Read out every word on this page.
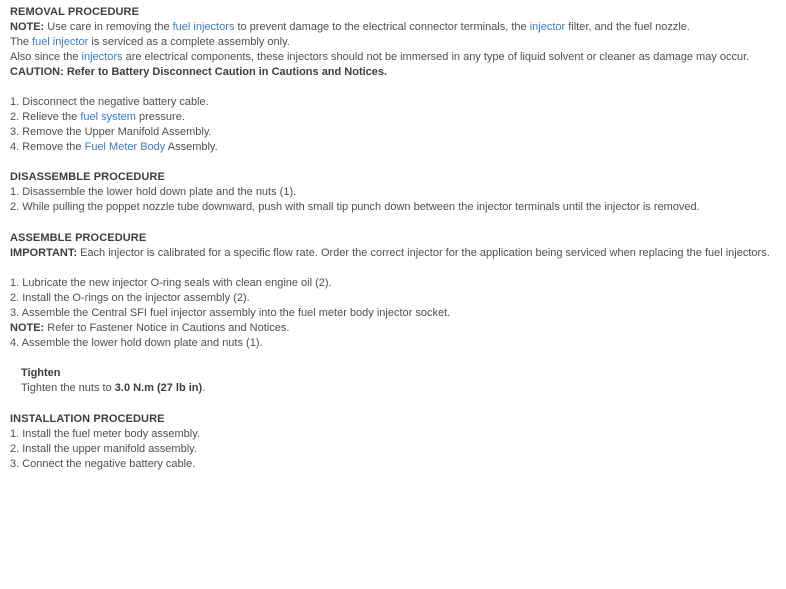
REMOVAL PROCEDURE

NOTE: Use care in removing the fuel injectors to prevent damage to the electrical connector terminals, the injector filter, and the fuel nozzle.

The fuel injector is serviced as a complete assembly only.

Also since the injectors are electrical components, these injectors should not be immersed in any type of liquid solvent or cleaner as damage may occur.

CAUTION: Refer to Battery Disconnect Caution in Cautions and Notices.

1. Disconnect the negative battery cable.

2. Relieve the fuel system pressure.

3. Remove the Upper Manifold Assembly.

4. Remove the Fuel Meter Body Assembly.

DISASSEMBLE PROCEDURE

1. Disassemble the lower hold down plate and the nuts (1).

2. While pulling the poppet nozzle tube downward, push with small tip punch down between the injector terminals until the injector is removed.

ASSEMBLE PROCEDURE

IMPORTANT: Each injector is calibrated for a specific flow rate. Order the correct injector for the application being serviced when replacing the fuel injectors.

1. Lubricate the new injector O-ring seals with clean engine oil (2).

2. Install the O-rings on the injector assembly (2).

3. Assemble the Central SFI fuel injector assembly into the fuel meter body injector socket.

NOTE: Refer to Fastener Notice in Cautions and Notices.

4. Assemble the lower hold down plate and nuts (1).

Tighten

Tighten the nuts to 3.0 N.m (27 lb in).

INSTALLATION PROCEDURE

1. Install the fuel meter body assembly.

2. Install the upper manifold assembly.

3. Connect the negative battery cable.
